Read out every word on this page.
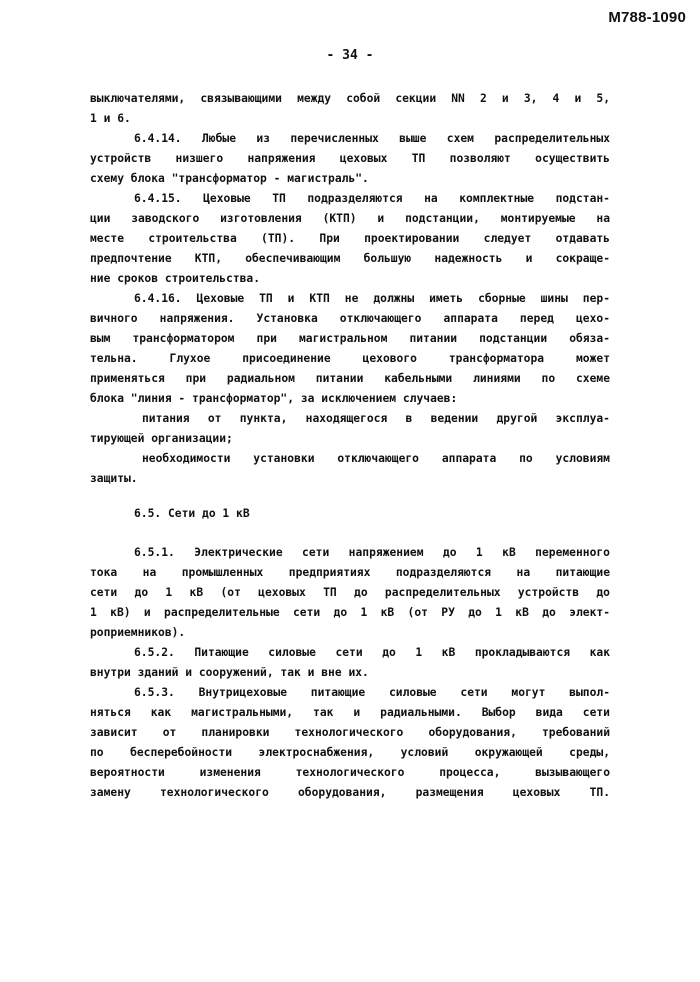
M788-1090
- 34 -
выключателями, связывающими между собой секции NN 2 и 3, 4 и 5,
1 и 6.
6.4.14. Любые из перечисленных выше схем распределительных
устройств низшего напряжения цеховых ТП позволяют осуществить
схему блока "трансформатор - магистраль".
6.4.15. Цеховые ТП подразделяются на комплектные подстан-
ции заводского изготовления (КТП) и подстанции, монтируемые на
месте строительства (ТП). При проектировании следует отдавать
предпочтение КТП, обеспечивающим большую надежность и сокраще-
ние сроков строительства.
6.4.16. Цеховые ТП и КТП не должны иметь сборные шины пер-
вичного напряжения. Установка отключающего аппарата перед цехо-
вым трансформатором при магистральном питании подстанции обяза-
тельна. Глухое присоединение цехового трансформатора может
применяться при радиальном питании кабельными линиями по схеме
блока "линия - трансформатор", за исключением случаев:
питания от пункта, находящегося в ведении другой эксплуа-
тирующей организации;
необходимости установки отключающего аппарата по условиям
защиты.
6.5. Сети до 1 кВ
6.5.1. Электрические сети напряжением до 1 кВ переменного
тока на промышленных предприятиях подразделяются на питающие
сети до 1 кВ (от цеховых ТП до распределительных устройств до
1 кВ) и распределительные сети до 1 кВ (от РУ до 1 кВ до элект-
роприемников).
6.5.2. Питающие силовые сети до 1 кВ прокладываются как
внутри зданий и сооружений, так и вне их.
6.5.3. Внутрицеховые питающие силовые сети могут выпол-
няться как магистральными, так и радиальными. Выбор вида сети
зависит от планировки технологического оборудования, требований
по бесперебойности электроснабжения, условий окружающей среды,
вероятности изменения технологического процесса, вызывающего
замену технологического оборудования, размещения цеховых ТП.
